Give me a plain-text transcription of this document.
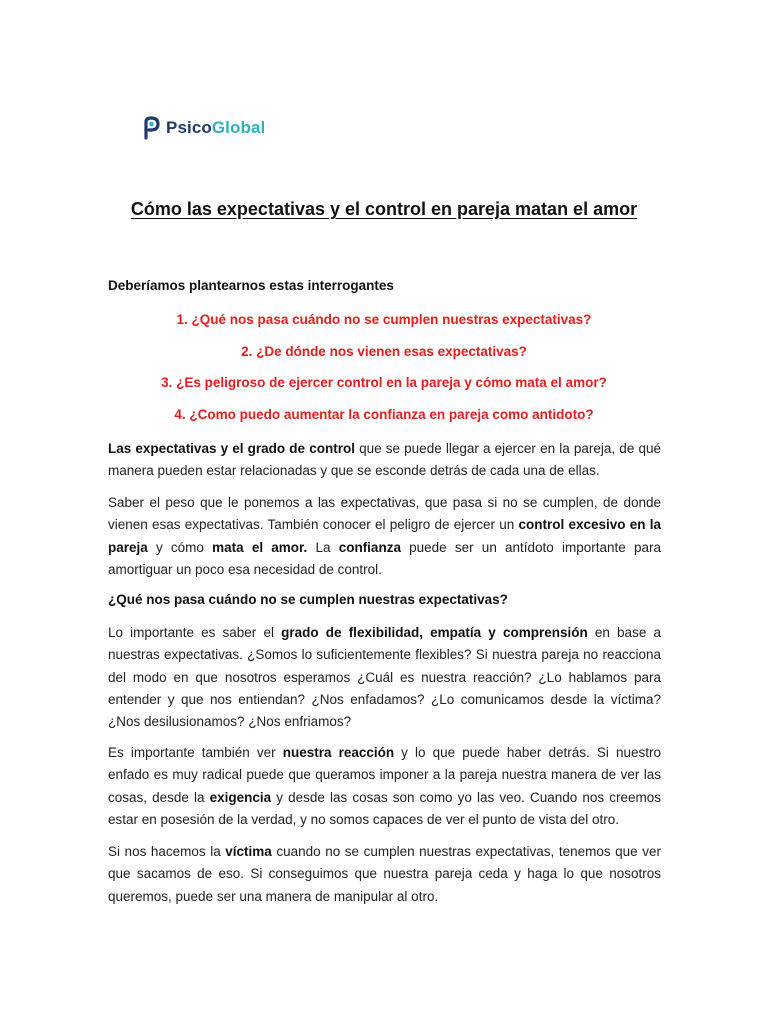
PsicoGlobal
Cómo las expectativas y el control en pareja matan el amor

Deberíamos plantearnos estas interrogantes

1. ¿Qué nos pasa cuándo no se cumplen nuestras expectativas?

2. ¿De dónde nos vienen esas expectativas?

3. ¿Es peligroso de ejercer control en la pareja y cómo mata el amor?

4. ¿Como puedo aumentar la confianza en pareja como antidoto?

Las expectativas y el grado de control que se puede llegar a ejercer en la pareja, de qué manera pueden estar relacionadas y que se esconde detrás de cada una de ellas.

Saber el peso que le ponemos a las expectativas, que pasa si no se cumplen, de donde vienen esas expectativas. También conocer el peligro de ejercer un control excesivo en la pareja y cómo mata el amor. La confianza puede ser un antídoto importante para amortiguar un poco esa necesidad de control.

¿Qué nos pasa cuándo no se cumplen nuestras expectativas?

Lo importante es saber el grado de flexibilidad, empatía y comprensión en base a nuestras expectativas. ¿Somos lo suficientemente flexibles? Si nuestra pareja no reacciona del modo en que nosotros esperamos ¿Cuál es nuestra reacción? ¿Lo hablamos para entender y que nos entiendan? ¿Nos enfadamos? ¿Lo comunicamos desde la víctima? ¿Nos desilusionamos? ¿Nos enfriamos?

Es importante también ver nuestra reacción y lo que puede haber detrás. Si nuestro enfado es muy radical puede que queramos imponer a la pareja nuestra manera de ver las cosas, desde la exigencia y desde las cosas son como yo las veo. Cuando nos creemos estar en posesión de la verdad, y no somos capaces de ver el punto de vista del otro.

Si nos hacemos la víctima cuando no se cumplen nuestras expectativas, tenemos que ver que sacamos de eso. Si conseguimos que nuestra pareja ceda y haga lo que nosotros queremos, puede ser una manera de manipular al otro.
